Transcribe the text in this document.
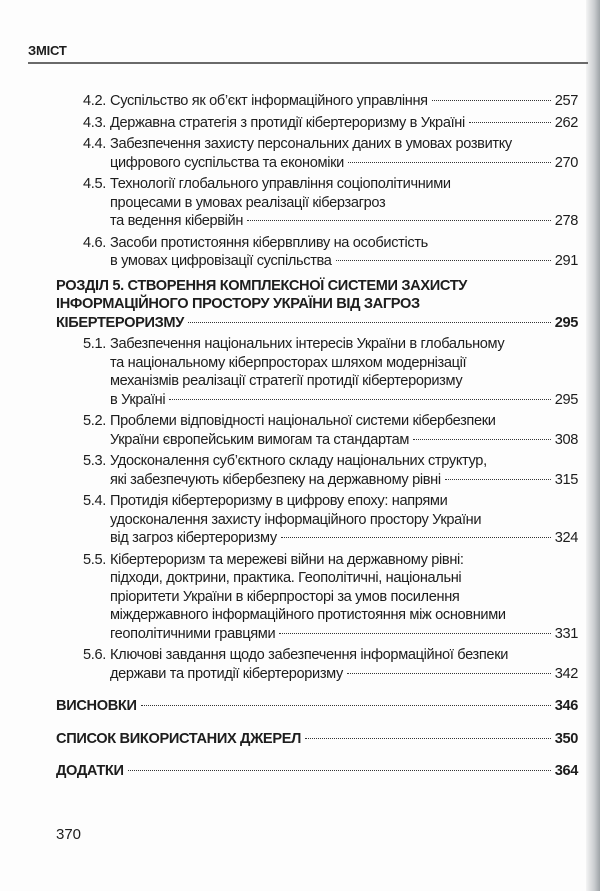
ЗМІСТ
4.2. Суспільство як об’єкт інформаційного управління	257
4.3. Державна стратегія з протидії кібертероризму в Україні	262
4.4. Забезпечення захисту персональних даних в умовах розвитку
цифрового суспільства та економіки	270
4.5. Технології глобального управління соціополітичними
процесами в умовах реалізації кіберзагроз
та ведення кібервійн	278
4.6. Засоби протистояння кібервпливу на особистість
в умовах цифровізації суспільства	291
РОЗДІЛ 5. СТВОРЕННЯ КОМПЛЕКСНОЇ СИСТЕМИ ЗАХИСТУ
ІНФОРМАЦІЙНОГО ПРОСТОРУ УКРАЇНИ ВІД ЗАГРОЗ
КІБЕРТЕРОРИЗМУ	295
5.1. Забезпечення національних інтересів України в глобальному
та національному кіберпросторах шляхом модернізації
механізмів реалізації стратегії протидії кібертероризму
в Україні	295
5.2. Проблеми відповідності національної системи кібербезпеки
України європейським вимогам та стандартам	308
5.3. Удосконалення суб’єктного складу національних структур,
які забезпечують кібербезпеку на державному рівні	315
5.4. Протидія кібертероризму в цифрову епоху: напрями
удосконалення захисту інформаційного простору України
від загроз кібертероризму	324
5.5. Кібертероризм та мережеві війни на державному рівні:
підходи, доктрини, практика. Геополітичні, національні
пріоритети України в кіберпросторі за умов посилення
міждержавного інформаційного протистояння між основними
геополітичними гравцями	331
5.6. Ключові завдання щодо забезпечення інформаційної безпеки
держави та протидії кібертероризму	342
ВИСНОВКИ	346
СПИСОК ВИКОРИСТАНИХ ДЖЕРЕЛ	350
ДОДАТКИ	364
370
